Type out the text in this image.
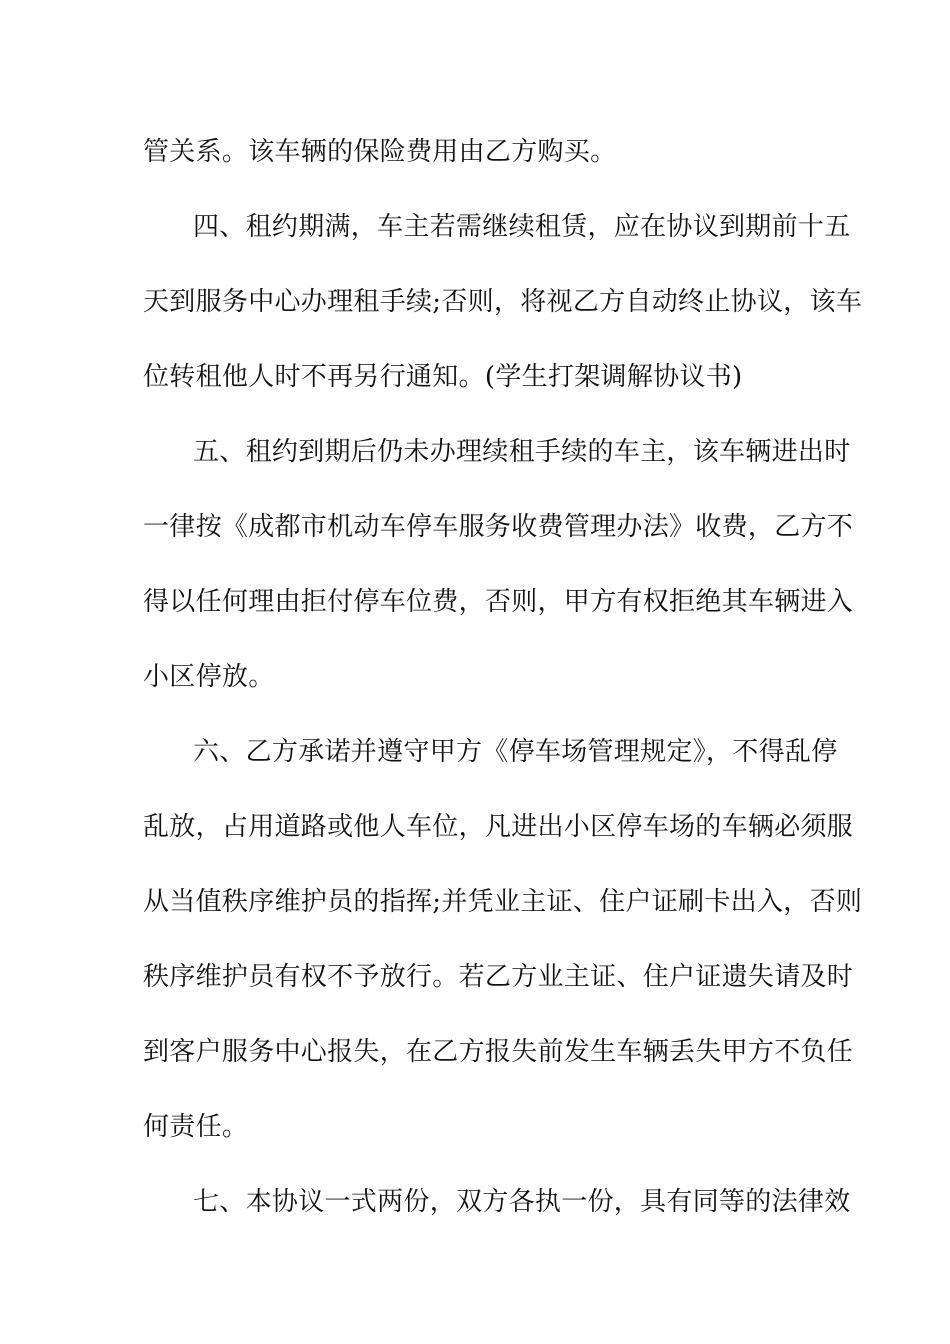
管关系。该车辆的保险费用由乙方购买。
四、租约期满，车主若需继续租赁，应在协议到期前十五
天到服务中心办理租手续;否则，将视乙方自动终止协议，该车
位转租他人时不再另行通知。(学生打架调解协议书)
五、租约到期后仍未办理续租手续的车主，该车辆进出时
一律按《成都市机动车停车服务收费管理办法》收费，乙方不
得以任何理由拒付停车位费，否则，甲方有权拒绝其车辆进入
小区停放。
六、乙方承诺并遵守甲方《停车场管理规定》，不得乱停
乱放，占用道路或他人车位，凡进出小区停车场的车辆必须服
从当值秩序维护员的指挥;并凭业主证、住户证刷卡出入，否则
秩序维护员有权不予放行。若乙方业主证、住户证遗失请及时
到客户服务中心报失，在乙方报失前发生车辆丢失甲方不负任
何责任。
七、本协议一式两份，双方各执一份，具有同等的法律效
